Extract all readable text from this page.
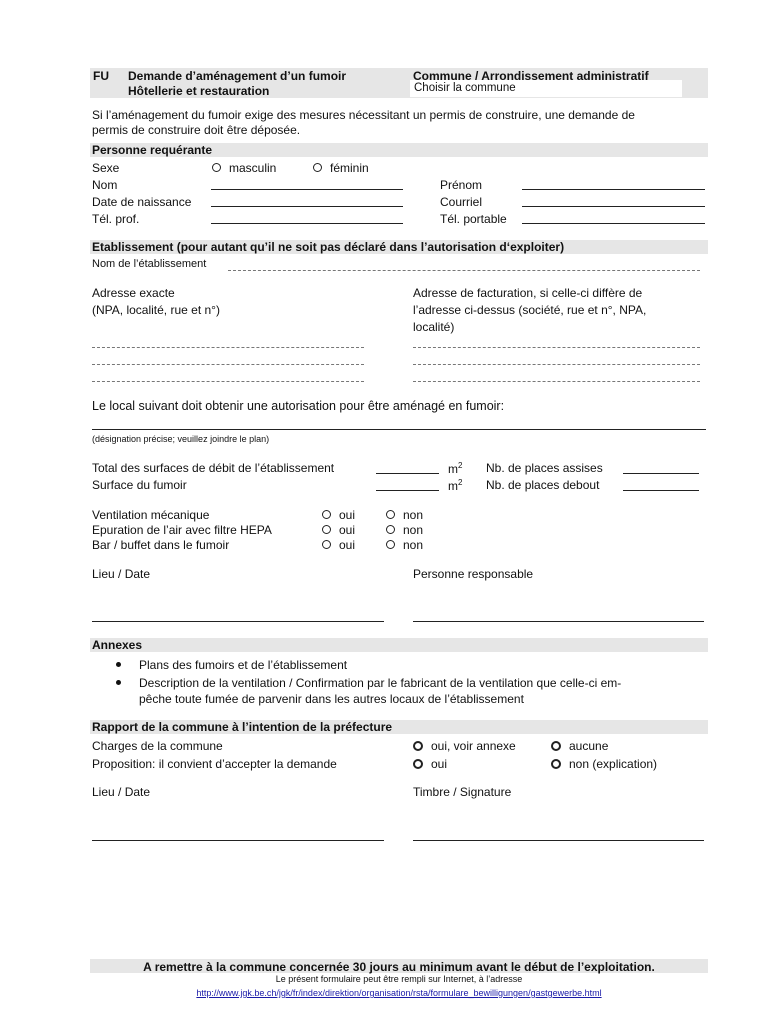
FU Demande d’aménagement d’un fumoir
Hôtellerie et restauration
Commune / Arrondissement administratif
Choisir la commune
Si l’aménagement du fumoir exige des mesures nécessitant un permis de construire, une demande de
permis de construire doit être déposée.
Personne requérante
Sexe	masculin	féminin
Nom	Prénom
Date de naissance	Courriel
Tél. prof.	Tél. portable
Etablissement (pour autant qu’il ne soit pas déclaré dans l’autorisation d‘exploiter)
Nom de l’établissement
Adresse exacte
(NPA, localité, rue et n°)
Adresse de facturation, si celle-ci diffère de
l’adresse ci-dessus (société, rue et n°, NPA,
localité)
Le local suivant doit obtenir une autorisation pour être aménagé en fumoir:
(désignation précise; veuillez joindre le plan)
Total des surfaces de débit de l’établissement	$m^2$ Nb. de places assises
Surface du fumoir	$m^2$ Nb. de places debout
Ventilation mécanique	oui	non
Epuration de l’air avec filtre HEPA	oui	non
Bar / buffet dans le fumoir	oui	non
Lieu / Date	Personne responsable
Annexes
Plans des fumoirs et de l’établissement
Description de la ventilation / Confirmation par le fabricant de la ventilation que celle-ci em-
pêche toute fumée de parvenir dans les autres locaux de l’établissement
Rapport de la commune à l’intention de la préfecture
Charges de la commune	oui, voir annexe	aucune
Proposition: il convient d’accepter la demande	oui	non (explication)
Lieu / Date	Timbre / Signature
A remettre à la commune concernée 30 jours au minimum avant le début de l’exploitation.
Le présent formulaire peut être rempli sur Internet, à l’adresse
http://www.jgk.be.ch/jgk/fr/index/direktion/organisation/rsta/formulare_bewilligungen/gastgewerbe.html
